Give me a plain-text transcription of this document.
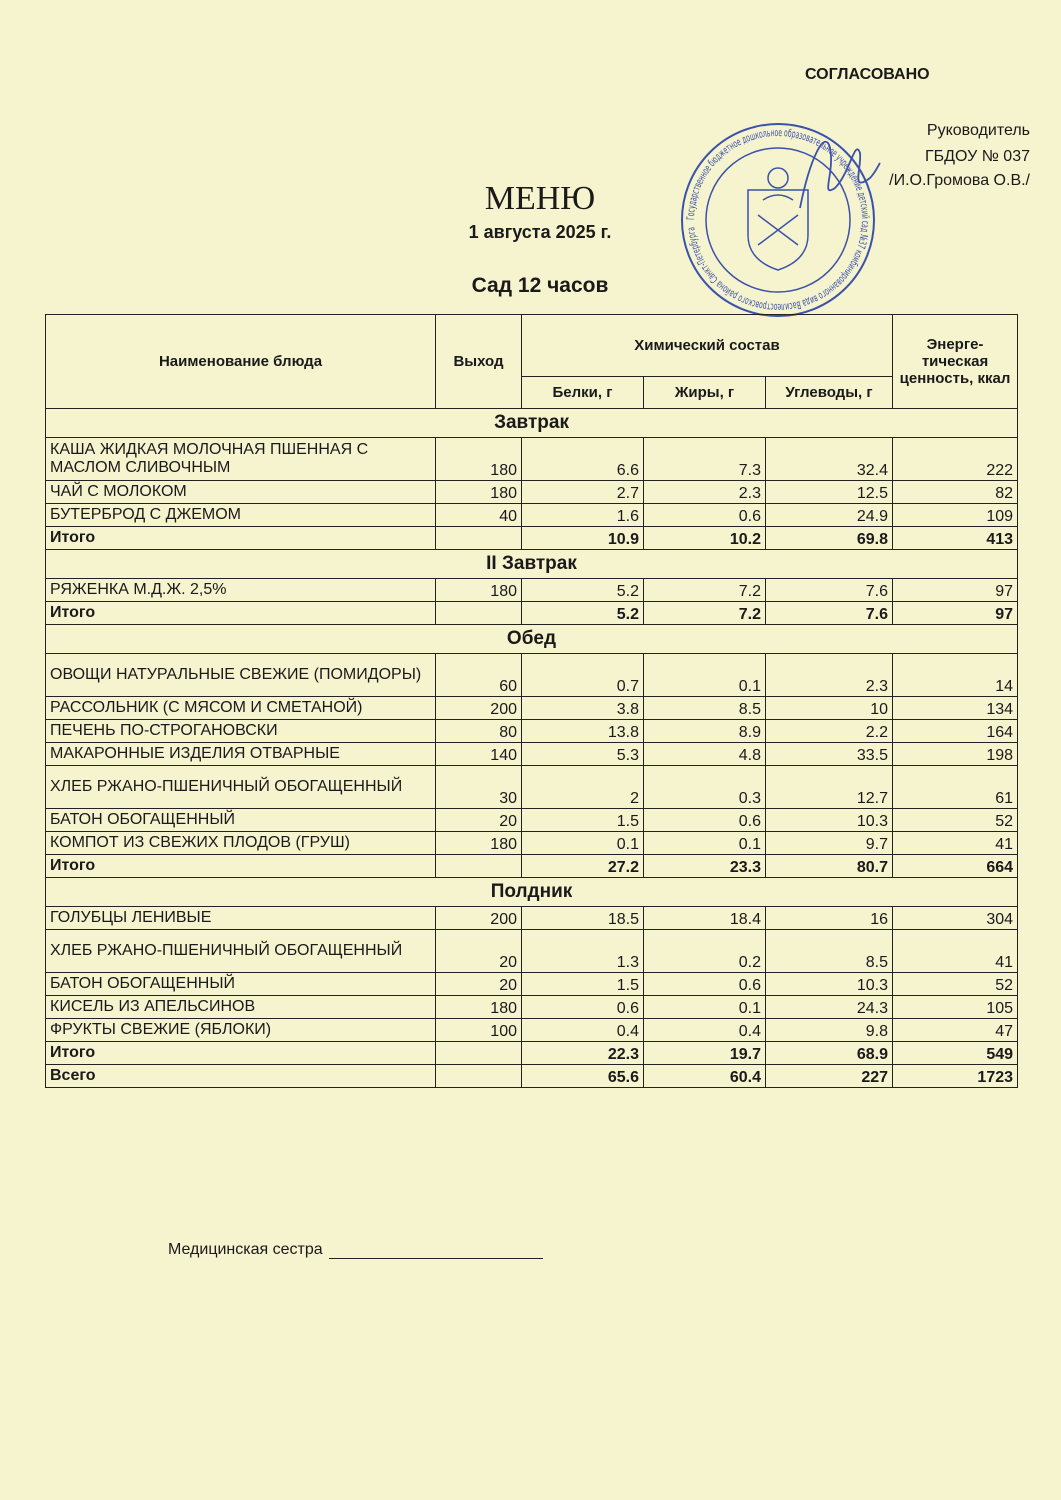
СОГЛАСОВАНО
Руководитель
ГБДОУ № 037
/И.О.Громова О.В./
Государственное бюджетное дошкольное образовательное учреждение детский сад №37 комбинированного вида Василеостровского района Санкт-Петербурга
МЕНЮ
1 августа 2025 г.
Сад 12 часов
Наименование блюда	Выход	Химический состав			Энерге-тическая ценность, ккал
		Белки, г	Жиры, г	Углеводы, г	
Завтрак					
КАША ЖИДКАЯ МОЛОЧНАЯ ПШЕННАЯ С МАСЛОМ СЛИВОЧНЫМ	180	6.6	7.3	32.4	222
ЧАЙ С МОЛОКОМ	180	2.7	2.3	12.5	82
БУТЕРБРОД С ДЖЕМОМ	40	1.6	0.6	24.9	109
Итого		10.9	10.2	69.8	413
II Завтрак					
РЯЖЕНКА М.Д.Ж. 2,5%	180	5.2	7.2	7.6	97
Итого		5.2	7.2	7.6	97
Обед					
ОВОЩИ НАТУРАЛЬНЫЕ СВЕЖИЕ (ПОМИДОРЫ)	60	0.7	0.1	2.3	14
РАССОЛЬНИК (С МЯСОМ И СМЕТАНОЙ)	200	3.8	8.5	10	134
ПЕЧЕНЬ ПО-СТРОГАНОВСКИ	80	13.8	8.9	2.2	164
МАКАРОННЫЕ ИЗДЕЛИЯ ОТВАРНЫЕ	140	5.3	4.8	33.5	198
ХЛЕБ РЖАНО-ПШЕНИЧНЫЙ ОБОГАЩЕННЫЙ	30	2	0.3	12.7	61
БАТОН ОБОГАЩЕННЫЙ	20	1.5	0.6	10.3	52
КОМПОТ ИЗ СВЕЖИХ ПЛОДОВ (ГРУШ)	180	0.1	0.1	9.7	41
Итого		27.2	23.3	80.7	664
Полдник					
ГОЛУБЦЫ ЛЕНИВЫЕ	200	18.5	18.4	16	304
ХЛЕБ РЖАНО-ПШЕНИЧНЫЙ ОБОГАЩЕННЫЙ	20	1.3	0.2	8.5	41
БАТОН ОБОГАЩЕННЫЙ	20	1.5	0.6	10.3	52
КИСЕЛЬ ИЗ АПЕЛЬСИНОВ	180	0.6	0.1	24.3	105
ФРУКТЫ СВЕЖИЕ (ЯБЛОКИ)	100	0.4	0.4	9.8	47
Итого		22.3	19.7	68.9	549
Всего		65.6	60.4	227	1723
Медицинская сестра
